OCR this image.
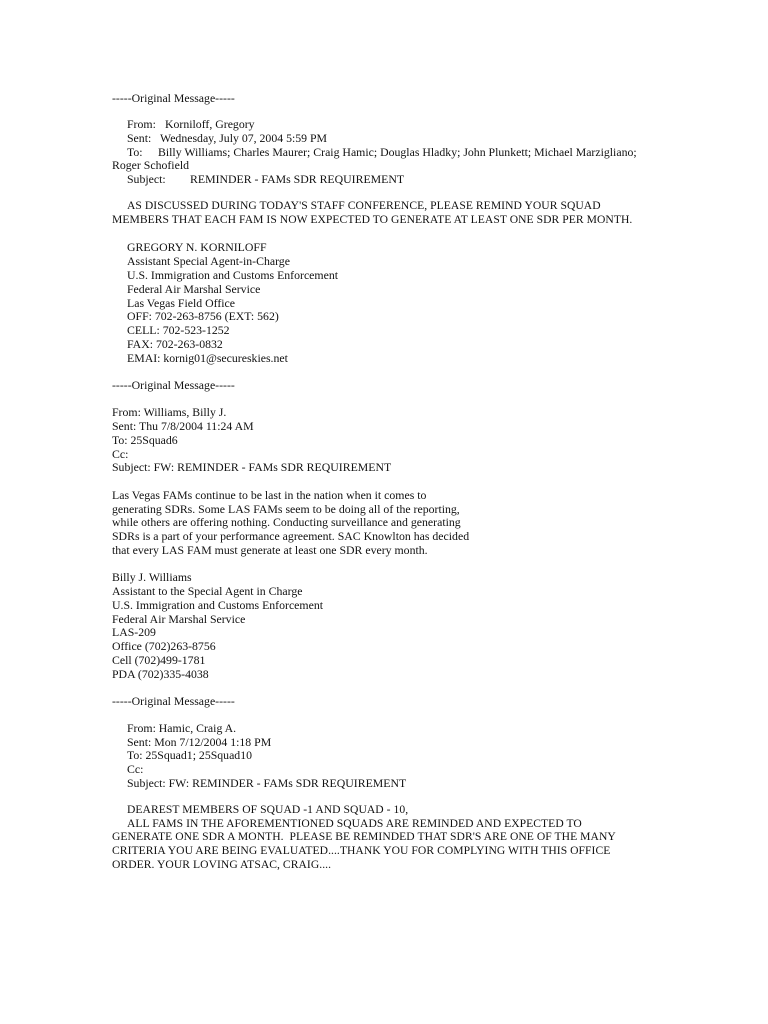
-----Original Message-----
From: Korniloff, Gregory
Sent: Wednesday, July 07, 2004 5:59 PM
To: Billy Williams; Charles Maurer; Craig Hamic; Douglas Hladky; John Plunkett; Michael Marzigliano;
Roger Schofield
Subject: REMINDER - FAMs SDR REQUIREMENT
AS DISCUSSED DURING TODAY'S STAFF CONFERENCE, PLEASE REMIND YOUR SQUAD
MEMBERS THAT EACH FAM IS NOW EXPECTED TO GENERATE AT LEAST ONE SDR PER MONTH.
GREGORY N. KORNILOFF
Assistant Special Agent-in-Charge
U.S. Immigration and Customs Enforcement
Federal Air Marshal Service
Las Vegas Field Office
OFF: 702-263-8756 (EXT: 562)
CELL: 702-523-1252
FAX: 702-263-0832
EMAI: kornig01@secureskies.net
-----Original Message-----
From: Williams, Billy J.
Sent: Thu 7/8/2004 11:24 AM
To: 25Squad6
Cc:
Subject: FW: REMINDER - FAMs SDR REQUIREMENT
Las Vegas FAMs continue to be last in the nation when it comes to
generating SDRs. Some LAS FAMs seem to be doing all of the reporting,
while others are offering nothing. Conducting surveillance and generating
SDRs is a part of your performance agreement. SAC Knowlton has decided
that every LAS FAM must generate at least one SDR every month.
Billy J. Williams
Assistant to the Special Agent in Charge
U.S. Immigration and Customs Enforcement
Federal Air Marshal Service
LAS-209
Office (702)263-8756
Cell (702)499-1781
PDA (702)335-4038
-----Original Message-----
From: Hamic, Craig A.
Sent: Mon 7/12/2004 1:18 PM
To: 25Squad1; 25Squad10
Cc:
Subject: FW: REMINDER - FAMs SDR REQUIREMENT
DEAREST MEMBERS OF SQUAD -1 AND SQUAD - 10,
ALL FAMS IN THE AFOREMENTIONED SQUADS ARE REMINDED AND EXPECTED TO
GENERATE ONE SDR A MONTH.  PLEASE BE REMINDED THAT SDR'S ARE ONE OF THE MANY
CRITERIA YOU ARE BEING EVALUATED....THANK YOU FOR COMPLYING WITH THIS OFFICE
ORDER. YOUR LOVING ATSAC, CRAIG....
